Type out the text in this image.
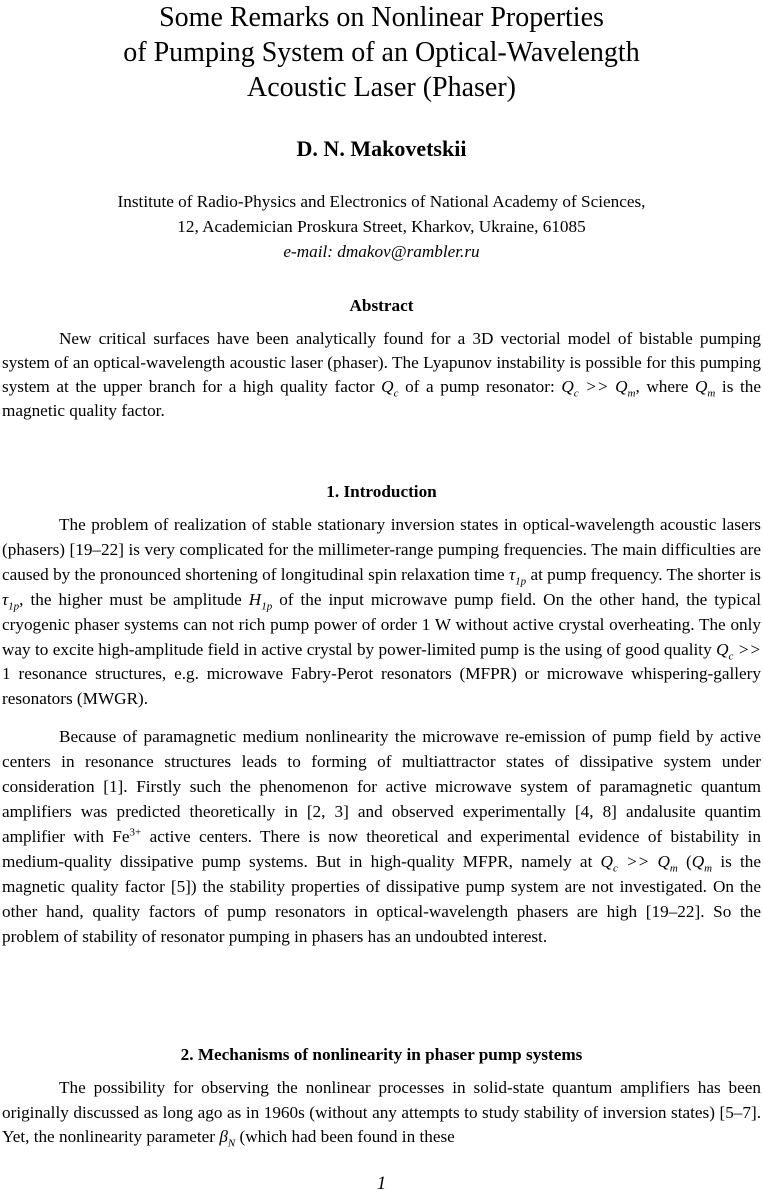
Some Remarks on Nonlinear Properties
of Pumping System of an Optical-Wavelength
Acoustic Laser (Phaser)
D. N. Makovetskii
Institute of Radio-Physics and Electronics of National Academy of Sciences,
12, Academician Proskura Street, Kharkov, Ukraine, 61085
e-mail: dmakov@rambler.ru
Abstract

New critical surfaces have been analytically found for a 3D vectorial model of bistable pumping system of an optical-wavelength acoustic laser (phaser). The Lyapunov instability is possible for this pumping system at the upper branch for a high quality factor $Q_c$ of a pump resonator: $Q_c >> Q_m$, where $Q_m$ is the magnetic quality factor.

1. Introduction

The problem of realization of stable stationary inversion states in optical-wavelength acoustic lasers (phasers) [19–22] is very complicated for the millimeter-range pumping frequencies. The main difficulties are caused by the pronounced shortening of longitudinal spin relaxation time $\tau_{1p}$ at pump frequency. The shorter is $\tau_{1p}$, the higher must be amplitude $H_{1p}$ of the input microwave pump field. On the other hand, the typical cryogenic phaser systems can not rich pump power of order 1 W without active crystal overheating. The only way to excite high-amplitude field in active crystal by power-limited pump is the using of good quality $Q_c >> 1$ resonance structures, e.g. microwave Fabry-Perot resonators (MFPR) or microwave whispering-gallery resonators (MWGR).

Because of paramagnetic medium nonlinearity the microwave re-emission of pump field by active centers in resonance structures leads to forming of multiattractor states of dissipative system under consideration [1]. Firstly such the phenomenon for active microwave system of paramagnetic quantum amplifiers was predicted theoretically in [2, 3] and observed experimentally [4, 8] andalusite quantim amplifier with $Fe^{3+}$ active centers. There is now theoretical and experimental evidence of bistability in medium-quality dissipative pump systems. But in high-quality MFPR, namely at $Q_c >> Q_m$ ($Q_m$ is the magnetic quality factor [5]) the stability properties of dissipative pump system are not investigated. On the other hand, quality factors of pump resonators in optical-wavelength phasers are high [19–22]. So the problem of stability of resonator pumping in phasers has an undoubted interest.

2. Mechanisms of nonlinearity in phaser pump systems

The possibility for observing the nonlinear processes in solid-state quantum amplifiers has been originally discussed as long ago as in 1960s (without any attempts to study stability of inversion states) [5–7]. Yet, the nonlinearity parameter $\beta_N$ (which had been found in these

1
